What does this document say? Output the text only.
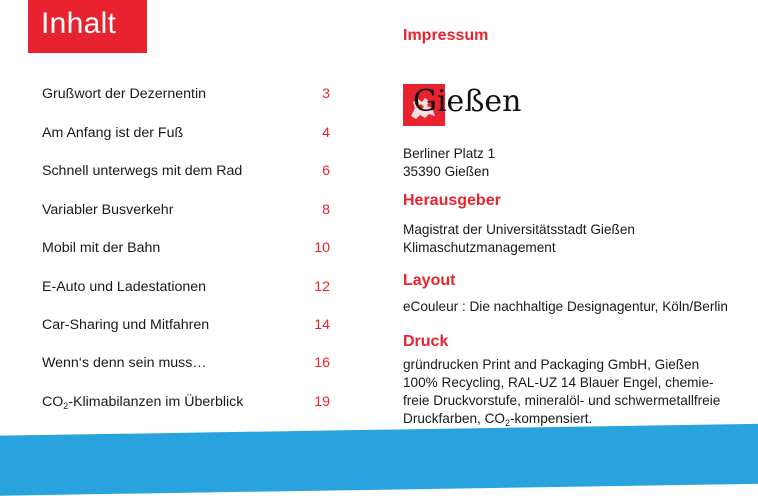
Inhalt
Grußwort der Dezernentin	3
Am Anfang ist der Fuß	4
Schnell unterwegs mit dem Rad	6
Variabler Busverkehr	8
Mobil mit der Bahn	10
E-Auto und Ladestationen	12
Car-Sharing und Mitfahren	14
Wenn‘s denn sein muss…	16
$CO_2$-Klimabilanzen im Überblick	19
Impressum
Gießen
Berliner Platz 1
35390 Gießen
Herausgeber
Magistrat der Universitätsstadt Gießen
Klimaschutzmanagement
Layout
eCouleur : Die nachhaltige Designagentur, Köln/Berlin
Druck
gründrucken Print and Packaging GmbH, Gießen
100% Recycling, RAL-UZ 14 Blauer Engel, chemie-
freie Druckvorstufe, mineralöl- und schwermetallfreie
Druckfarben, $CO_2$-kompensiert.
